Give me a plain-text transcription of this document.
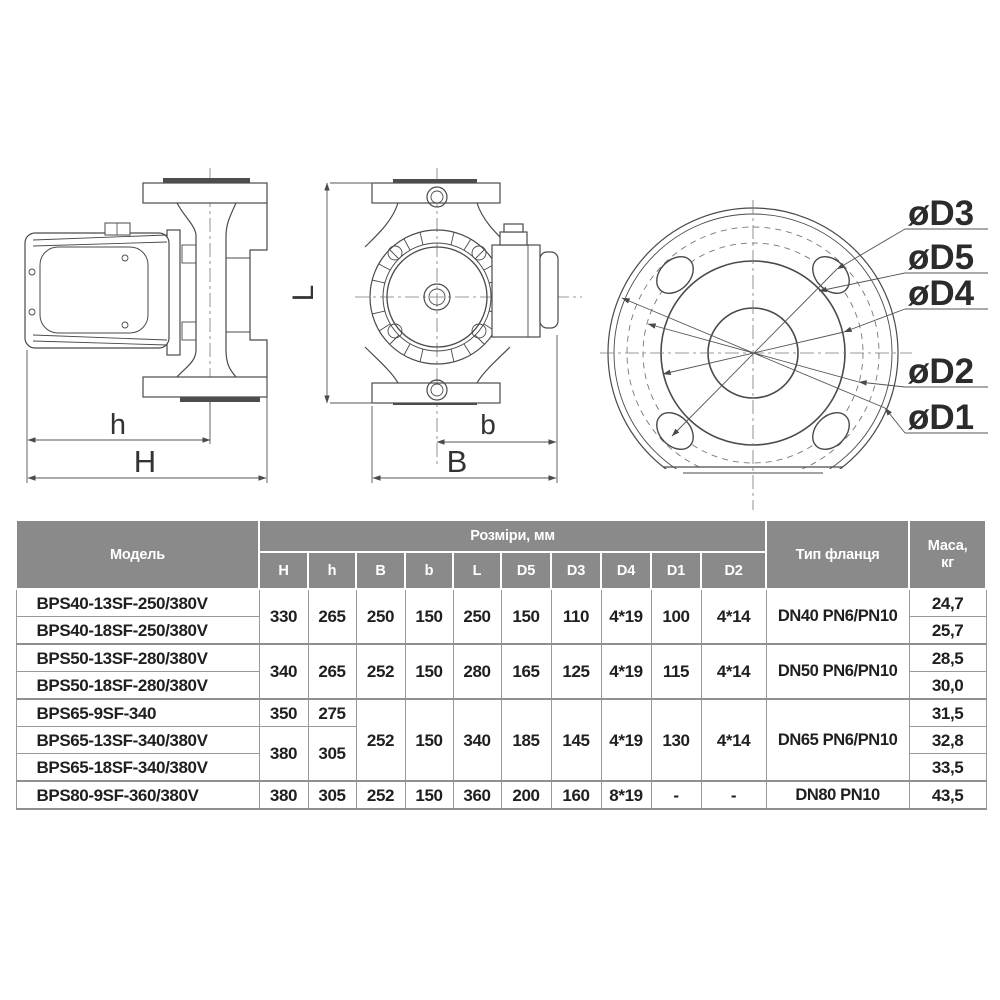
h
H
L
b
B
øD3
øD5
øD4
øD2
øD1
Модель	Розміри, мм										Тип фланця	Маса, кг
	H	h	B	b	L	D5	D3	D4	D1	D2		
BPS40-13SF-250/380V	330	265	250	150	250	150	110	4*19	100	4*14	DN40 PN6/PN10	24,7
BPS40-18SF-250/380V												25,7
BPS50-13SF-280/380V	340	265	252	150	280	165	125	4*19	115	4*14	DN50 PN6/PN10	28,5
BPS50-18SF-280/380V												30,0
BPS65-9SF-340	350	275	252	150	340	185	145	4*19	130	4*14	DN65 PN6/PN10	31,5
BPS65-13SF-340/380V	380	305										32,8
BPS65-18SF-340/380V												33,5
BPS80-9SF-360/380V	380	305	252	150	360	200	160	8*19	-	-	DN80 PN10	43,5
